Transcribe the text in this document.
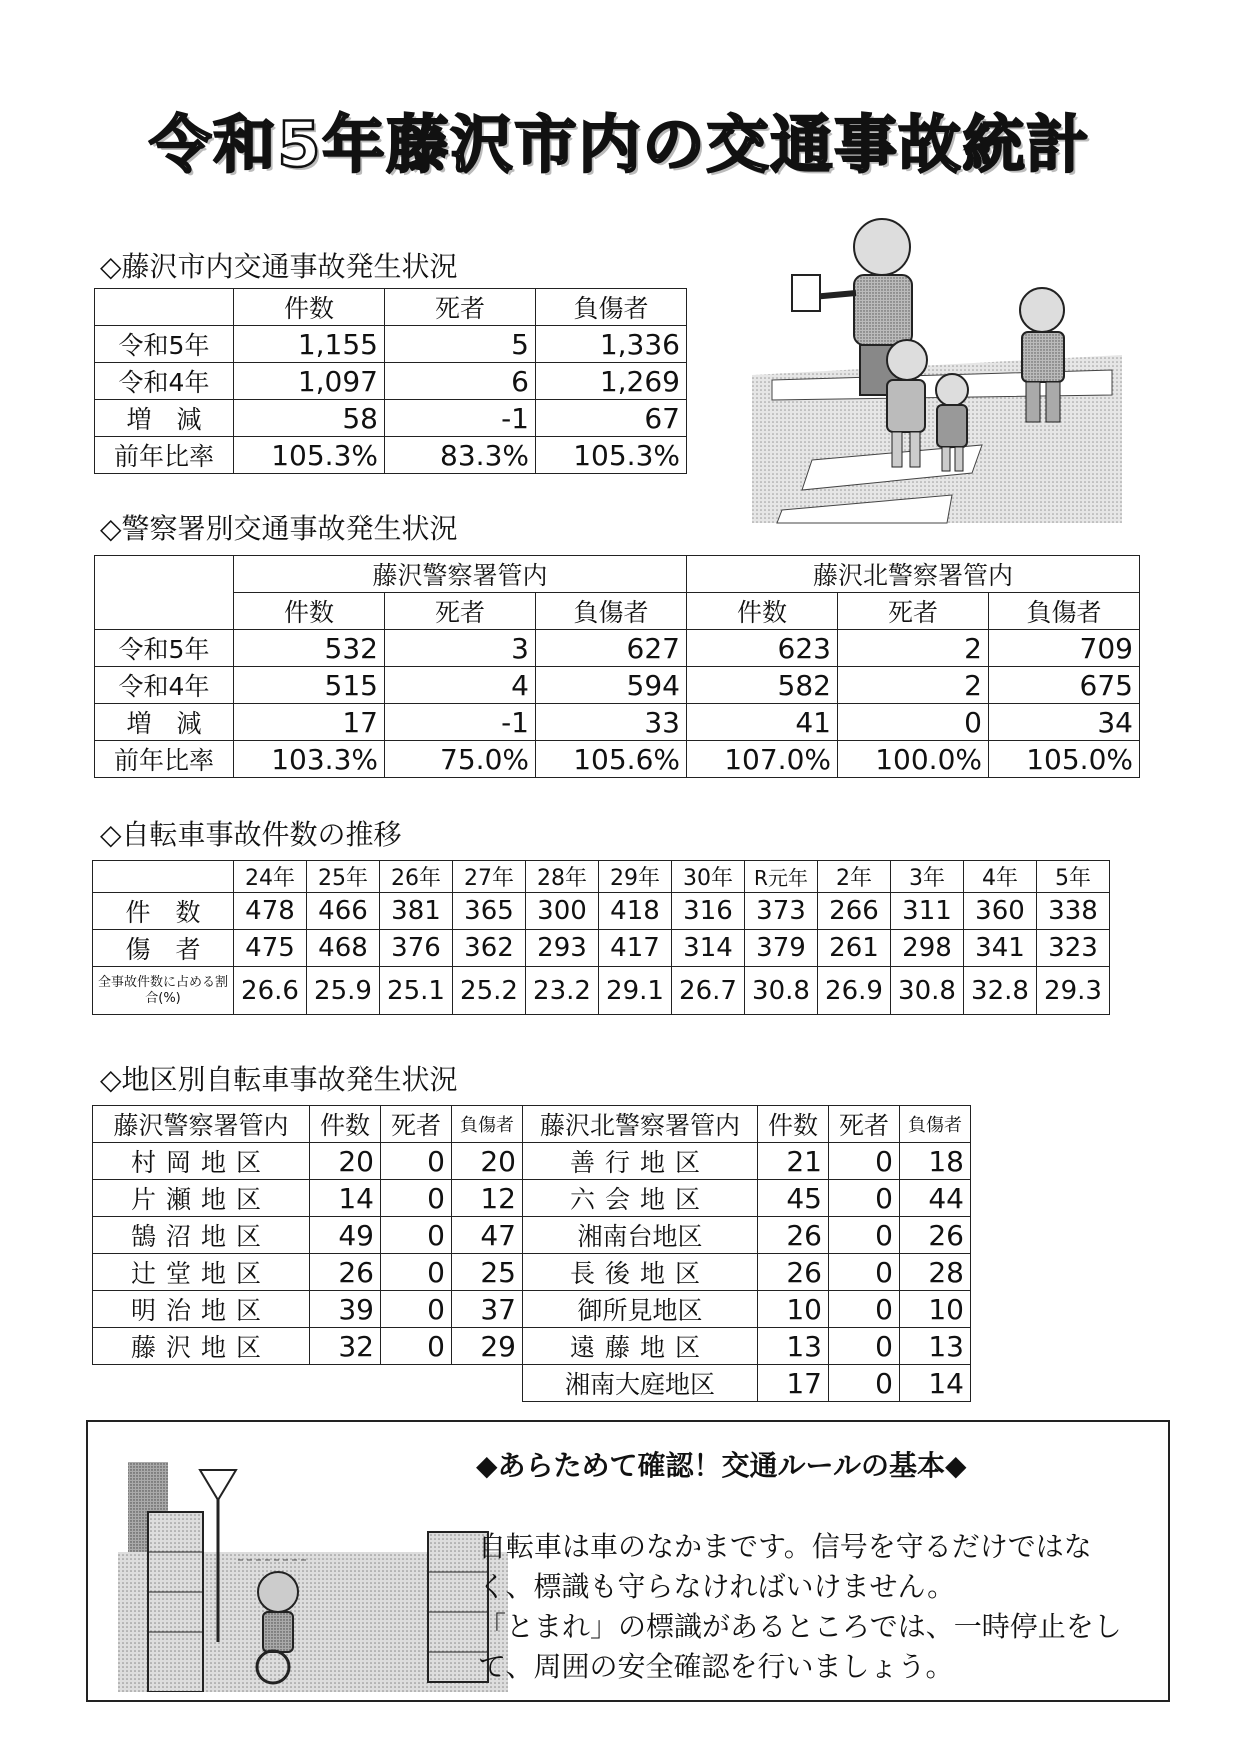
令和5年藤沢市内の交通事故統計
◇藤沢市内交通事故発生状況
	件数	死者	負傷者
令和5年	1,155	5	1,336
令和4年	1,097	6	1,269
増　減	58	-1	67
前年比率	105.3%	83.3%	105.3%
◇警察署別交通事故発生状況
	藤沢警察署管内			藤沢北警察署管内		
	件数	死者	負傷者	件数	死者	負傷者
令和5年	532	3	627	623	2	709
令和4年	515	4	594	582	2	675
増　減	17	-1	33	41	0	34
前年比率	103.3%	75.0%	105.6%	107.0%	100.0%	105.0%
◇自転車事故件数の推移
	24年	25年	26年	27年	28年	29年	30年	R元年	2年	3年	4年	5年
件　数	478	466	381	365	300	418	316	373	266	311	360	338
傷　者	475	468	376	362	293	417	314	379	261	298	341	323
全事故件数に占める割合(%)	26.6	25.9	25.1	25.2	23.2	29.1	26.7	30.8	26.9	30.8	32.8	29.3
◇地区別自転車事故発生状況
藤沢警察署管内	件数	死者	負傷者	藤沢北警察署管内	件数	死者	負傷者
村岡地区	20	0	20	善行地区	21	0	18
片瀬地区	14	0	12	六会地区	45	0	44
鵠沼地区	49	0	47	湘南台地区	26	0	26
辻堂地区	26	0	25	長後地区	26	0	28
明治地区	39	0	37	御所見地区	10	0	10
藤沢地区	32	0	29	遠藤地区	13	0	13
				湘南大庭地区	17	0	14
◆あらためて確認！交通ルールの基本◆
自転車は車のなかまです。信号を守るだけではな
く、標識も守らなければいけません。
「とまれ」の標識があるところでは、一時停止をし
て、周囲の安全確認を行いましょう。
